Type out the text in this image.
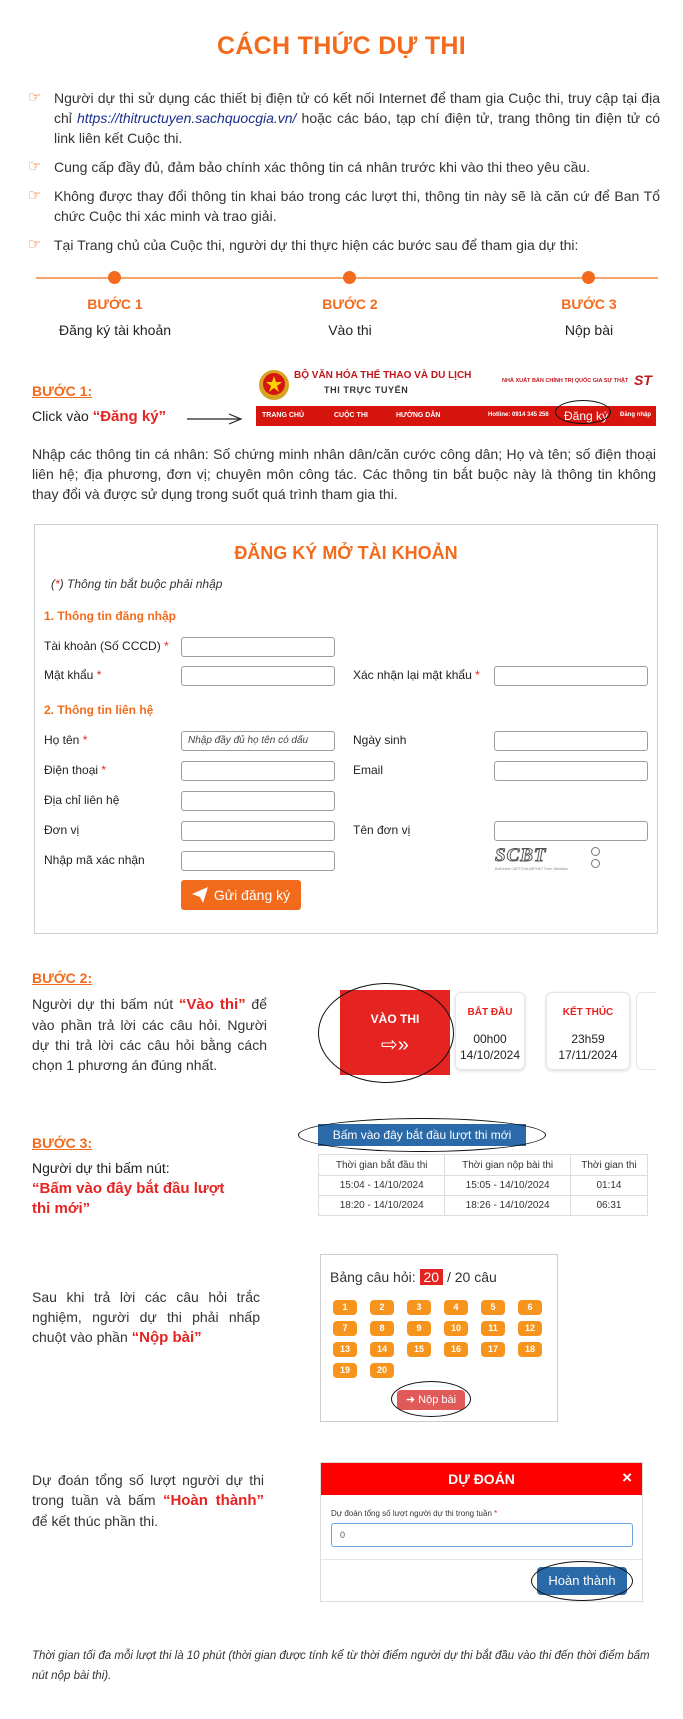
CÁCH THỨC DỰ THI
☞ Người dự thi sử dụng các thiết bị điện tử có kết nối Internet để tham gia Cuộc thi, truy cập tại địa chỉ https://thitructuyen.sachquocgia.vn/ hoặc các báo, tạp chí điện tử, trang thông tin điện tử có link liên kết Cuộc thi.
☞ Cung cấp đầy đủ, đảm bảo chính xác thông tin cá nhân trước khi vào thi theo yêu cầu.
☞ Không được thay đổi thông tin khai báo trong các lượt thi, thông tin này sẽ là căn cứ để Ban Tổ chức Cuộc thi xác minh và trao giải.
☞ Tại Trang chủ của Cuộc thi, người dự thi thực hiện các bước sau để tham gia dự thi:
BƯỚC 1
Đăng ký tài khoản
BƯỚC 2
Vào thi
BƯỚC 3
Nộp bài
BƯỚC 1:
Click vào “Đăng ký”
BỘ VĂN HÓA THỂ THAO VÀ DU LỊCH
THI TRỰC TUYẾN
NHÀ XUẤT BẢN CHÍNH TRỊ QUỐC GIA SỰ THẬT ST
TRANG CHỦ	CUỘC THI	HƯỚNG DẪN	Hotline: 0914 345 256 Đăng ký Đăng nhập
Nhập các thông tin cá nhân: Số chứng minh nhân dân/căn cước công dân; Họ và tên; số điện thoại liên hệ; địa phương, đơn vị; chuyên môn công tác. Các thông tin bắt buộc này là thông tin không thay đổi và được sử dụng trong suốt quá trình tham gia thi.
ĐĂNG KÝ MỞ TÀI KHOẢN
(*) Thông tin bắt buộc phải nhập
1. Thông tin đăng nhập
Tài khoản (Số CCCD) *
Mật khẩu *	Xác nhận lại mật khẩu *
2. Thông tin liên hệ
Họ tên *	Nhập đầy đủ họ tên có dấu	Ngày sinh
Điện thoại *	Email
Địa chỉ liên hệ
Đơn vị	Tên đơn vị
Nhập mã xác nhận	SCBT
BotDetect CAPTCHA ASP.NET Form Validation
Gửi đăng ký
BƯỚC 2:
Người dự thi bấm nút “Vào thi” để vào phần trả lời các câu hỏi. Người dự thi trả lời các câu hỏi bằng cách chọn 1 phương án đúng nhất.
VÀO THI
⇨»
BẮT ĐẦU
00h00
14/10/2024
KẾT THÚC
23h59
17/11/2024
BƯỚC 3:
Người dự thi bấm nút:
“Bấm vào đây bắt đầu lượt thi mới”
Bấm vào đây bắt đầu lượt thi mới
Thời gian bắt đầu thi	Thời gian nộp bài thi	Thời gian thi
15:04 - 14/10/2024	15:05 - 14/10/2024	01:14
18:20 - 14/10/2024	18:26 - 14/10/2024	06:31
Sau khi trả lời các câu hỏi trắc nghiệm, người dự thi phải nhấp chuột vào phần “Nộp bài”
Bảng câu hỏi: 20 / 20 câu
1	2	3	4	5	6
7	8	9	10	11	12
13	14	15	16	17	18
19	20
➜ Nộp bài
Dự đoán tổng số lượt người dự thi trong tuần và bấm “Hoàn thành” để kết thúc phần thi.
DỰ ĐOÁN	×
Dự đoán tổng số lượt người dự thi trong tuần *
0
Hoàn thành
Thời gian tối đa mỗi lượt thi là 10 phút (thời gian được tính kể từ thời điểm người dự thi bắt đầu vào thi đến thời điểm bấm nút nộp bài thi).
